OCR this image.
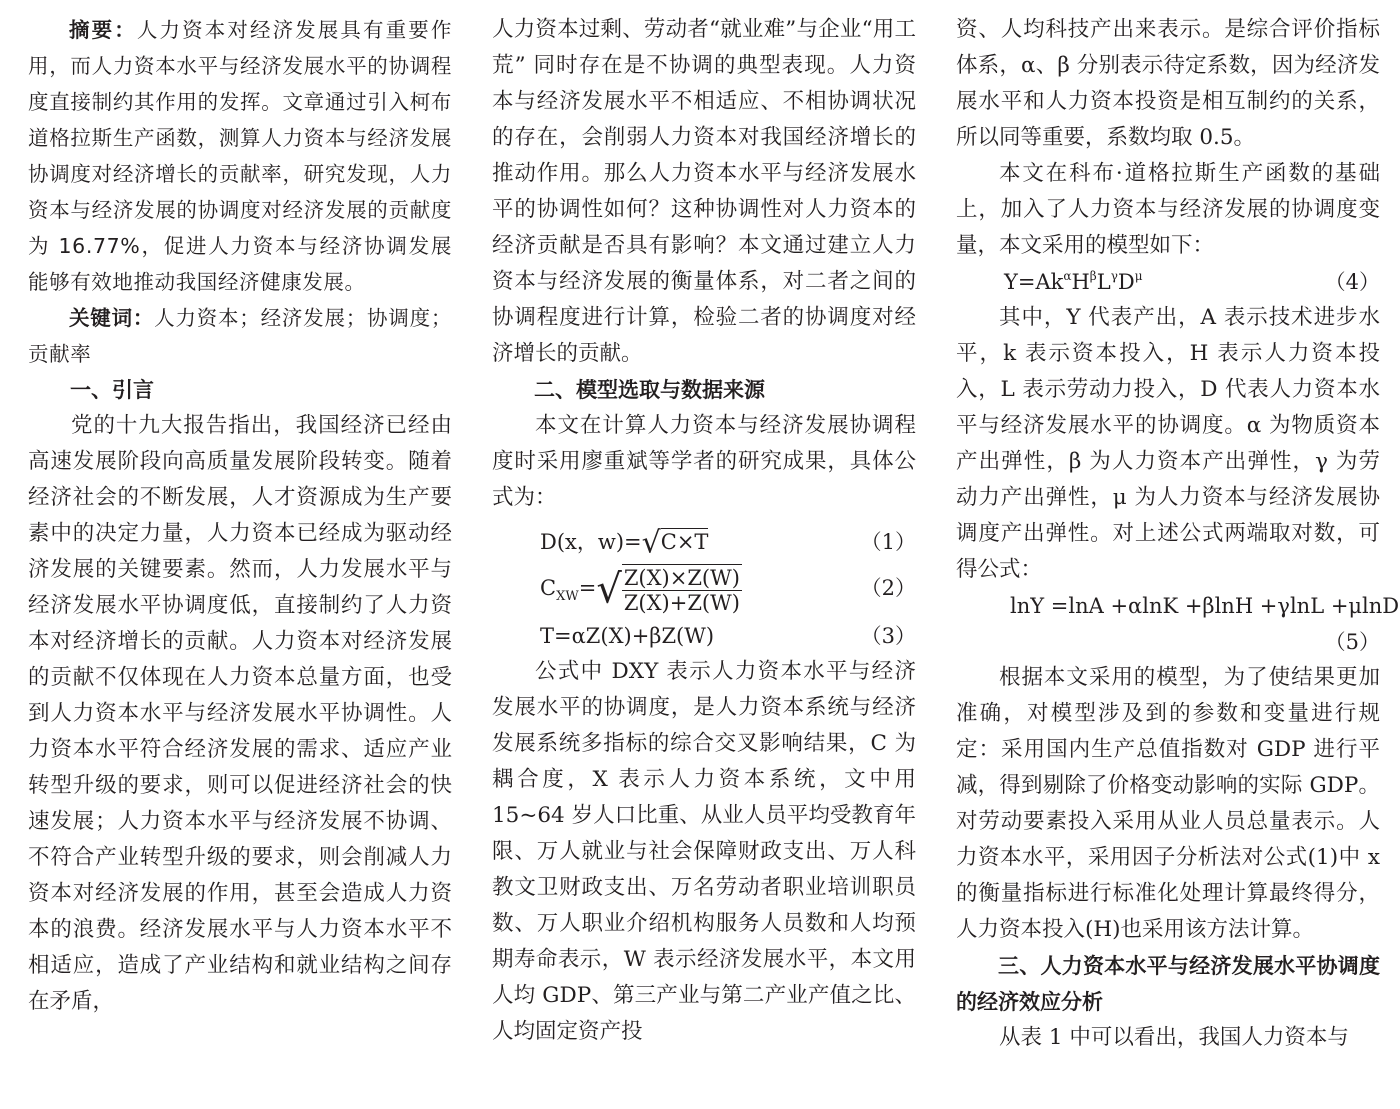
摘要：人力资本对经济发展具有重要作用，而人力资本水平与经济发展水平的协调程度直接制约其作用的发挥。文章通过引入柯布道格拉斯生产函数，测算人力资本与经济发展协调度对经济增长的贡献率，研究发现，人力资本与经济发展的协调度对经济发展的贡献度为 16.77%，促进人力资本与经济协调发展能够有效地推动我国经济健康发展。

关键词：人力资本；经济发展；协调度；贡献率

一、引言

党的十九大报告指出，我国经济已经由高速发展阶段向高质量发展阶段转变。随着经济社会的不断发展，人才资源成为生产要素中的决定力量，人力资本已经成为驱动经济发展的关键要素。然而，人力发展水平与经济发展水平协调度低，直接制约了人力资本对经济增长的贡献。人力资本对经济发展的贡献不仅体现在人力资本总量方面，也受到人力资本水平与经济发展水平协调性。人力资本水平符合经济发展的需求、适应产业转型升级的要求，则可以促进经济社会的快速发展；人力资本水平与经济发展不协调、不符合产业转型升级的要求，则会削减人力资本对经济发展的作用，甚至会造成人力资本的浪费。经济发展水平与人力资本水平不相适应，造成了产业结构和就业结构之间存在矛盾，

人力资本过剩、劳动者“就业难”与企业“用工荒” 同时存在是不协调的典型表现。人力资本与经济发展水平不相适应、不相协调状况的存在，会削弱人力资本对我国经济增长的推动作用。那么人力资本水平与经济发展水平的协调性如何？这种协调性对人力资本的经济贡献是否具有影响？本文通过建立人力资本与经济发展的衡量体系，对二者之间的协调程度进行计算，检验二者的协调度对经济增长的贡献。

二、模型选取与数据来源

本文在计算人力资本与经济发展协调程度时采用廖重斌等学者的研究成果，具体公式为：

D(x，w)=√C×T	（1）
$C_{XW}=√ \frac{Z(X)\times Z(W)}{Z(X)+Z(W)}$	（2）
T=αZ(X)+βZ(W)	（3）

公式中 DXY 表示人力资本水平与经济发展水平的协调度，是人力资本系统与经济发展系统多指标的综合交叉影响结果，C 为耦合度，X 表示人力资本系统，文中用 15~64 岁人口比重、从业人员平均受教育年限、万人就业与社会保障财政支出、万人科教文卫财政支出、万名劳动者职业培训职员数、万人职业介绍机构服务人员数和人均预期寿命表示，W 表示经济发展水平，本文用人均 GDP、第三产业与第二产业产值之比、人均固定资产投

资、人均科技产出来表示。是综合评价指标体系，α、β 分别表示待定系数，因为经济发展水平和人力资本投资是相互制约的关系，所以同等重要，系数均取 0.5。

本文在科布·道格拉斯生产函数的基础上，加入了人力资本与经济发展的协调度变量，本文采用的模型如下：

$Y=Ak^\alpha H^\beta L^\gamma D^\mu$	（4）

其中，Y 代表产出，A 表示技术进步水平，k 表示资本投入，H 表示人力资本投入，L 表示劳动力投入，D 代表人力资本水平与经济发展水平的协调度。α 为物质资本产出弹性，β 为人力资本产出弹性，γ 为劳动力产出弹性，μ 为人力资本与经济发展协调度产出弹性。对上述公式两端取对数，可得公式：

lnY =lnA +αlnK +βlnH +γlnL +μlnD
（5）

根据本文采用的模型，为了使结果更加准确，对模型涉及到的参数和变量进行规定：采用国内生产总值指数对 GDP 进行平减，得到剔除了价格变动影响的实际 GDP。对劳动要素投入采用从业人员总量表示。人力资本水平，采用因子分析法对公式(1)中 x 的衡量指标进行标准化处理计算最终得分，人力资本投入(H)也采用该方法计算。

三、人力资本水平与经济发展水平协调度的经济效应分析

从表 1 中可以看出，我国人力资本与
